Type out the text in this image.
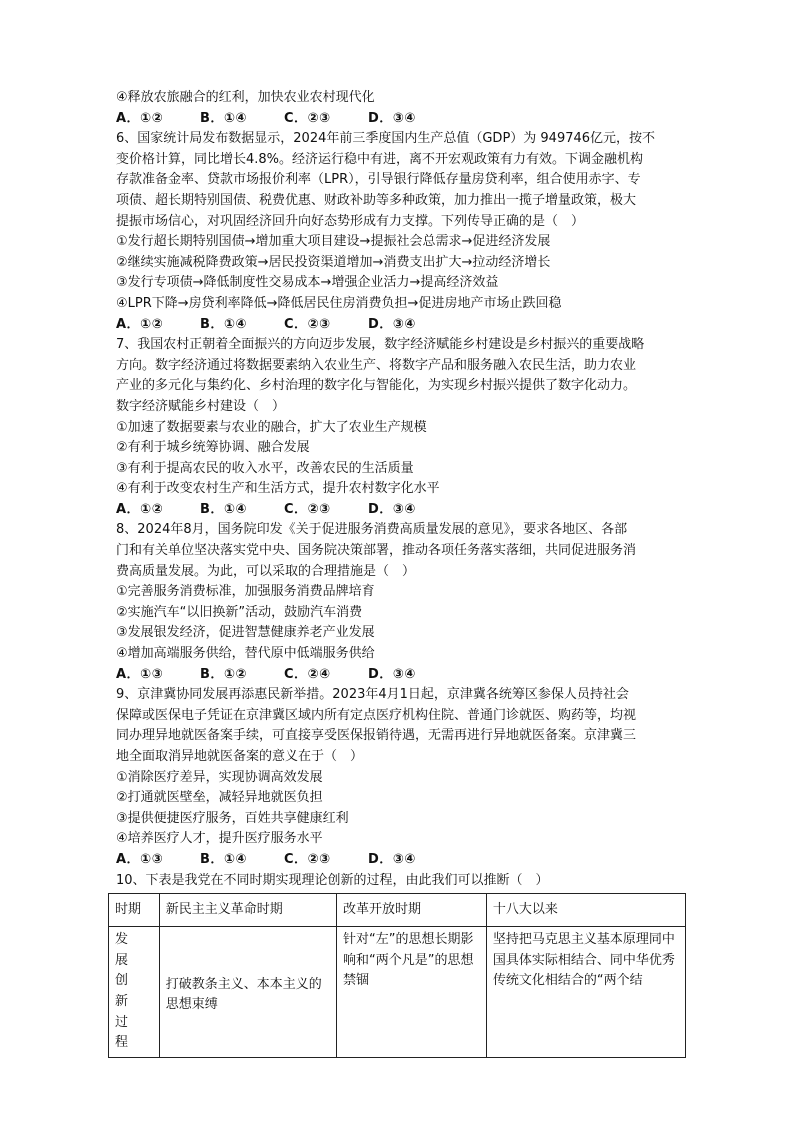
④释放农旅融合的红利，加快农业农村现代化
A．①②	B．①④	C．②③	D．③④
6、国家统计局发布数据显示，2024年前三季度国内生产总值（GDP）为 949746亿元，按不
变价格计算，同比增长4.8%。经济运行稳中有进，离不开宏观政策有力有效。下调金融机构
存款准备金率、贷款市场报价利率（LPR），引导银行降低存量房贷利率，组合使用赤字、专
项债、超长期特别国债、税费优惠、财政补助等多种政策，加力推出一揽子增量政策，极大
提振市场信心，对巩固经济回升向好态势形成有力支撑。下列传导正确的是（　）
①发行超长期特别国债→增加重大项目建设→提振社会总需求→促进经济发展
②继续实施减税降费政策→居民投资渠道增加→消费支出扩大→拉动经济增长
③发行专项债→降低制度性交易成本→增强企业活力→提高经济效益
④LPR下降→房贷利率降低→降低居民住房消费负担→促进房地产市场止跌回稳
A．①②	B．①④	C．②③	D．③④
7、我国农村正朝着全面振兴的方向迈步发展，数字经济赋能乡村建设是乡村振兴的重要战略
方向。数字经济通过将数据要素纳入农业生产、将数字产品和服务融入农民生活，助力农业
产业的多元化与集约化、乡村治理的数字化与智能化，为实现乡村振兴提供了数字化动力。
数字经济赋能乡村建设（　）
①加速了数据要素与农业的融合，扩大了农业生产规模
②有利于城乡统筹协调、融合发展
③有利于提高农民的收入水平，改善农民的生活质量
④有利于改变农村生产和生活方式，提升农村数字化水平
A．①②	B．①④	C．②③	D．③④
8、2024年8月，国务院印发《关于促进服务消费高质量发展的意见》，要求各地区、各部
门和有关单位坚决落实党中央、国务院决策部署，推动各项任务落实落细，共同促进服务消
费高质量发展。为此，可以采取的合理措施是（　）
①完善服务消费标准，加强服务消费品牌培育
②实施汽车“以旧换新”活动，鼓励汽车消费
③发展银发经济，促进智慧健康养老产业发展
④增加高端服务供给，替代原中低端服务供给
A．①③	B．①②	C．②④	D．③④
9、京津冀协同发展再添惠民新举措。2023年4月1日起，京津冀各统筹区参保人员持社会
保障或医保电子凭证在京津冀区域内所有定点医疗机构住院、普通门诊就医、购药等，均视
同办理异地就医备案手续，可直接享受医保报销待遇，无需再进行异地就医备案。京津冀三
地全面取消异地就医备案的意义在于（　）
①消除医疗差异，实现协调高效发展
②打通就医壁垒，减轻异地就医负担
③提供便捷医疗服务，百姓共享健康红利
④培养医疗人才，提升医疗服务水平
A．①③	B．①④	C．②③	D．③④
10、下表是我党在不同时期实现理论创新的过程，由此我们可以推断（　）
时期	新民主主义革命时期	改革开放时期	十八大以来
发展创新过程	打破教条主义、本本主义的思想束缚	针对“左”的思想长期影响和“两个凡是”的思想禁锢	坚持把马克思主义基本原理同中国具体实际相结合、同中华优秀传统文化相结合的“两个结
